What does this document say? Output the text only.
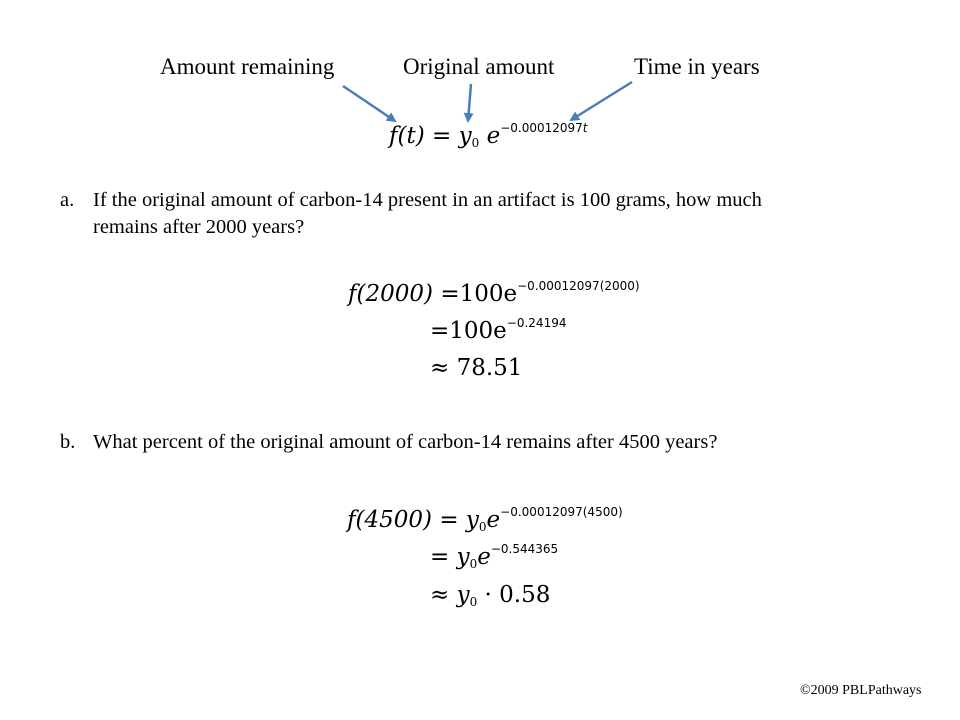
Amount remaining	Original amount	Time in years
$f(t) = y_0$ $e^{-0.00012097t}$
a. If the original amount of carbon-14 present in an artifact is 100 grams, how much
remains after 2000 years?
$f(2000) =100e^{-0.00012097(2000)}$
$=100e^{-0.24194}$
≈ 78.51
b. What percent of the original amount of carbon-14 remains after 4500 years?
$f(4500) = y_0e^{-0.00012097(4500)}$
= $y_0e^{-0.544365}$
≈ $y_0 \cdot 0.58$
©2009 PBLPathways
